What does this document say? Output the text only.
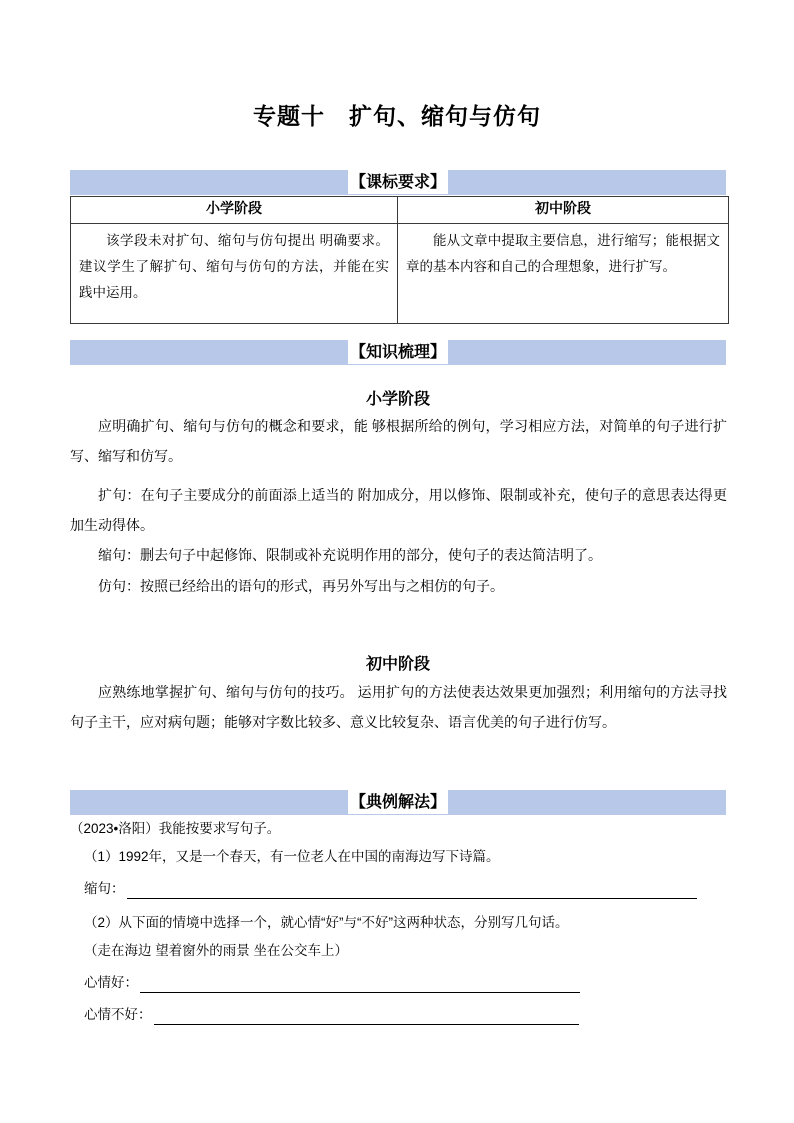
专题十　扩句、缩句与仿句
【课标要求】
小学阶段	初中阶段

该学段未对扩句、缩句与仿句提出 明确要求。建议学生了解扩句、缩句与仿句的方法，并能在实践中运用。	能从文章中提取主要信息，进行缩写；能根据文章的基本内容和自己的合理想象，进行扩写。
【知识梳理】
小学阶段
应明确扩句、缩句与仿句的概念和要求，能 够根据所给的例句，学习相应方法，对简单的句子进行扩写、缩写和仿写。
扩句：在句子主要成分的前面添上适当的 附加成分，用以修饰、限制或补充，使句子的意思表达得更加生动得体。
缩句：删去句子中起修饰、限制或补充说明作用的部分，使句子的表达简洁明了。
仿句：按照已经给出的语句的形式，再另外写出与之相仿的句子。
初中阶段
应熟练地掌握扩句、缩句与仿句的技巧。 运用扩句的方法使表达效果更加强烈；利用缩句的方法寻找句子主干，应对病句题；能够对字数比较多、意义比较复杂、语言优美的句子进行仿写。
【典例解法】
（2023•洛阳）我能按要求写句子。
（1）1992年，又是一个春天，有一位老人在中国的南海边写下诗篇。
缩句：
（2）从下面的情境中选择一个，就心情“好”与“不好”这两种状态，分别写几句话。
（走在海边 望着窗外的雨景 坐在公交车上）
心情好：
心情不好：
